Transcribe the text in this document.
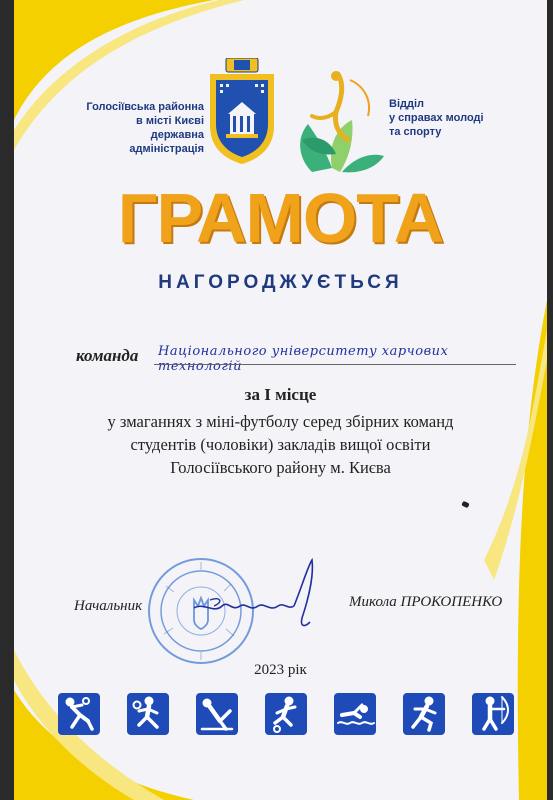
Голосіївська районна
в місті Києві
державна адміністрація
Відділ
у справах молоді
та спорту
ГРАМОТА
НАГОРОДЖУЄТЬСЯ
команда Національного університету харчових технологій
за І місце
у змаганнях з міні-футболу серед збірних команд
студентів (чоловіки) закладів вищої освіти
Голосіївського району м. Києва
Начальник	Микола ПРОКОПЕНКО
2023 рік
